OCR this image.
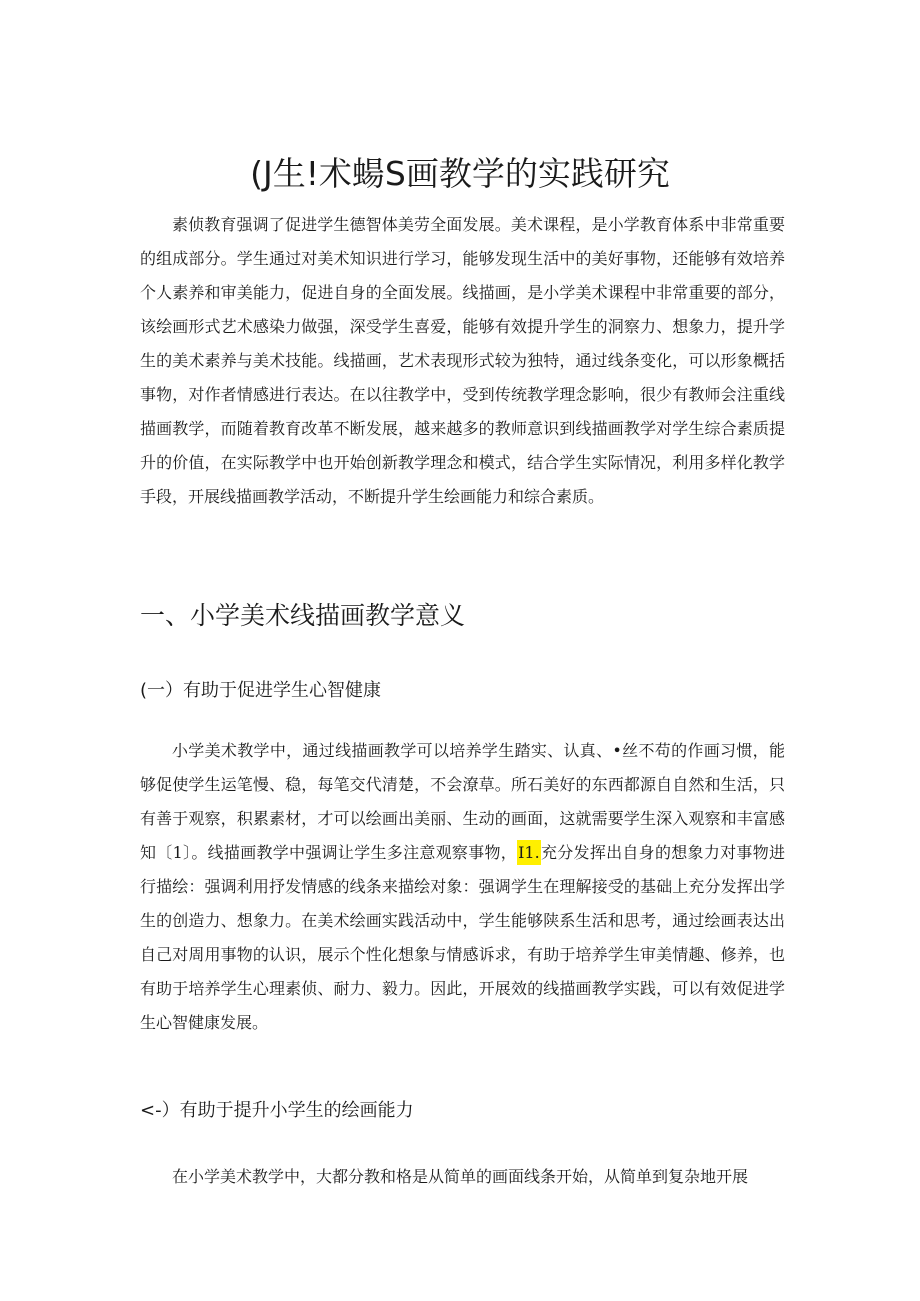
(J生!术蝪S画教学的实践研究

素侦教育强调了促进学生德智体美劳全面发展。美术课程，是小学教育体系中非常重要的组成部分。学生通过对美术知识进行学习，能够发现生活中的美好事物，还能够有效培养个人素养和审美能力，促进自身的全面发展。线描画，是小学美术课程中非常重要的部分，该绘画形式艺术感染力做强，深受学生喜爱，能够有效提升学生的洞察力、想象力，提升学生的美术素养与美术技能。线描画，艺术表现形式较为独特，通过线条变化，可以形象概括事物，对作者情感进行表达。在以往教学中，受到传统教学理念影响，很少有教师会注重线描画教学，而随着教育改革不断发展，越来越多的教师意识到线描画教学对学生综合素质提升的价值，在实际教学中也开始创新教学理念和模式，结合学生实际情况，利用多样化教学手段，开展线描画教学活动，不断提升学生绘画能力和综合素质。

一、小学美术线描画教学意义
(一）有助于促进学生心智健康

小学美术教学中，通过线描画教学可以培养学生踏实、认真、•丝不苟的作画习惯，能够促使学生运笔慢、稳，每笔交代清楚，不会潦草。所石美好的东西都源自自然和生活，只有善于观察，积累素材，才可以绘画出美丽、生动的画面，这就需要学生深入观察和丰富感知〔1〕。线描画教学中强调让学生多注意观察事物，I1.充分发挥出自身的想象力对事物进行描绘：强调利用抒发情感的线条来描绘对象：强调学生在理解接受的基础上充分发挥出学生的创造力、想象力。在美术绘画实践活动中，学生能够陕系生活和思考，通过绘画表达出自己对周用事物的认识，展示个性化想象与情感诉求，有助于培养学生审美情趣、修养，也有助于培养学生心理素侦、耐力、毅力。因此，开展效的线描画教学实践，可以有效促进学生心智健康发展。

<-）有助于提升小学生的绘画能力

在小学美术教学中，大都分教和格是从简单的画面线条开始，从简单到复杂地开展
